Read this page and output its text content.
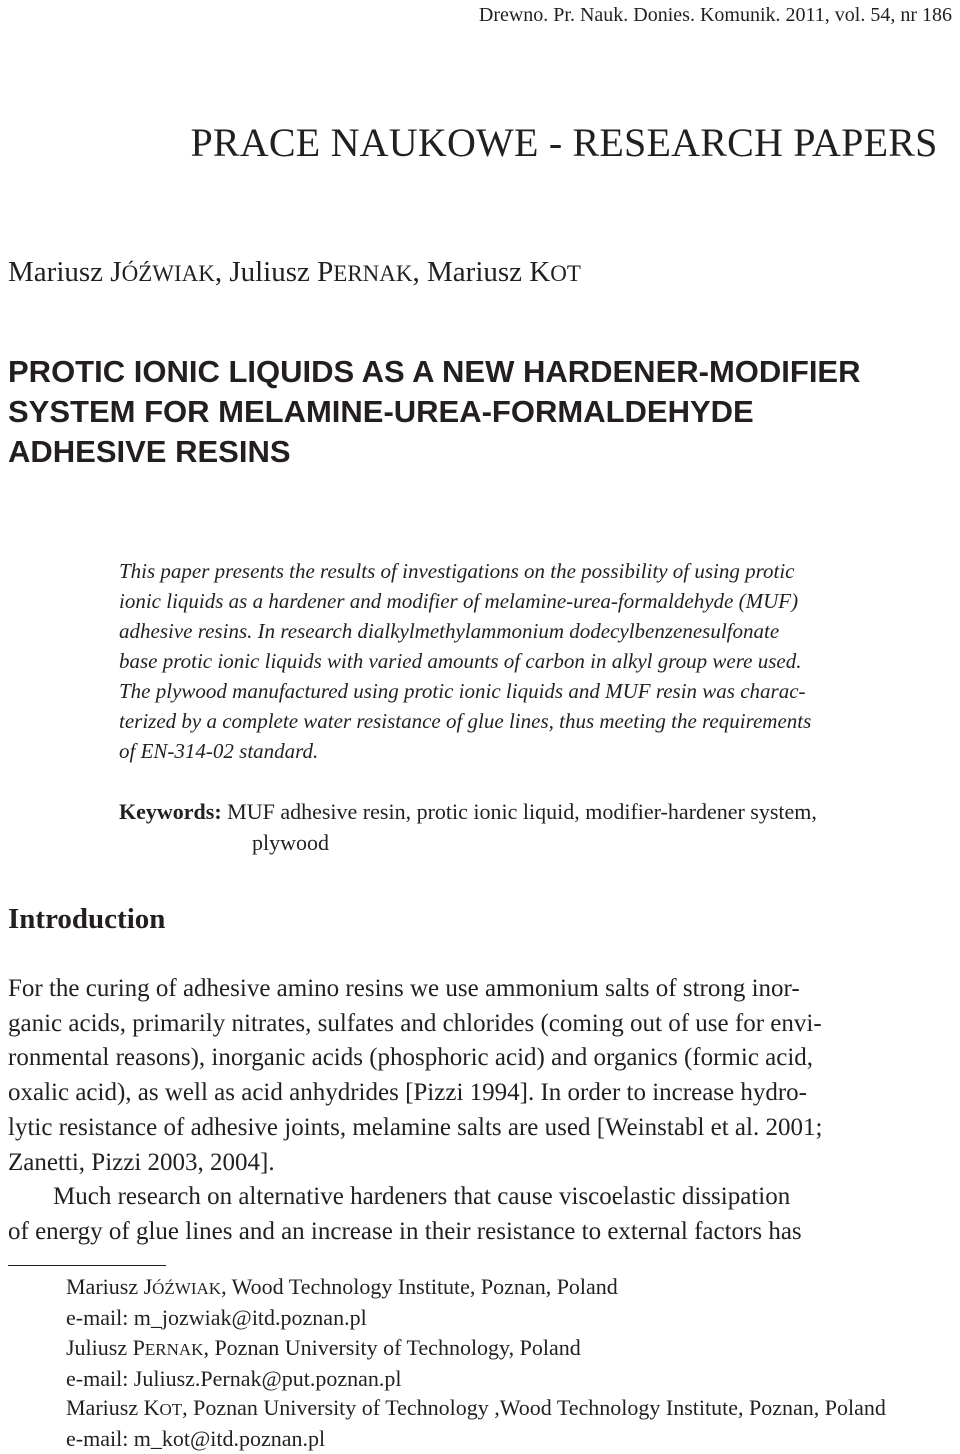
Drewno. Pr. Nauk. Donies. Komunik. 2011, vol. 54, nr 186
PRACE NAUKOWE - RESEARCH PAPERS
Mariusz JÓŹWIAK, Juliusz PERNAK, Mariusz KOT
PROTIC IONIC LIQUIDS AS A NEW HARDENER-MODIFIER
SYSTEM FOR MELAMINE-UREA-FORMALDEHYDE
ADHESIVE RESINS
This paper presents the results of investigations on the possibility of using protic
ionic liquids as a hardener and modifier of melamine-urea-formaldehyde (MUF)
adhesive resins. In research dialkylmethylammonium dodecylbenzenesulfonate
base protic ionic liquids with varied amounts of carbon in alkyl group were used.
The plywood manufactured using protic ionic liquids and MUF resin was charac-
terized by a complete water resistance of glue lines, thus meeting the requirements
of EN-314-02 standard.
Keywords: MUF adhesive resin, protic ionic liquid, modifier-hardener system,
plywood
Introduction
For the curing of adhesive amino resins we use ammonium salts of strong inor-
ganic acids, primarily nitrates, sulfates and chlorides (coming out of use for envi-
ronmental reasons), inorganic acids (phosphoric acid) and organics (formic acid,
oxalic acid), as well as acid anhydrides [Pizzi 1994]. In order to increase hydro-
lytic resistance of adhesive joints, melamine salts are used [Weinstabl et al. 2001;
Zanetti, Pizzi 2003, 2004].
Much research on alternative hardeners that cause viscoelastic dissipation
of energy of glue lines and an increase in their resistance to external factors has
Mariusz JÓŹWIAK, Wood Technology Institute, Poznan, Poland
e-mail: m_jozwiak@itd.poznan.pl
Juliusz PERNAK, Poznan University of Technology, Poland
e-mail: Juliusz.Pernak@put.poznan.pl
Mariusz KOT, Poznan University of Technology ,Wood Technology Institute, Poznan, Poland
e-mail: m_kot@itd.poznan.pl
